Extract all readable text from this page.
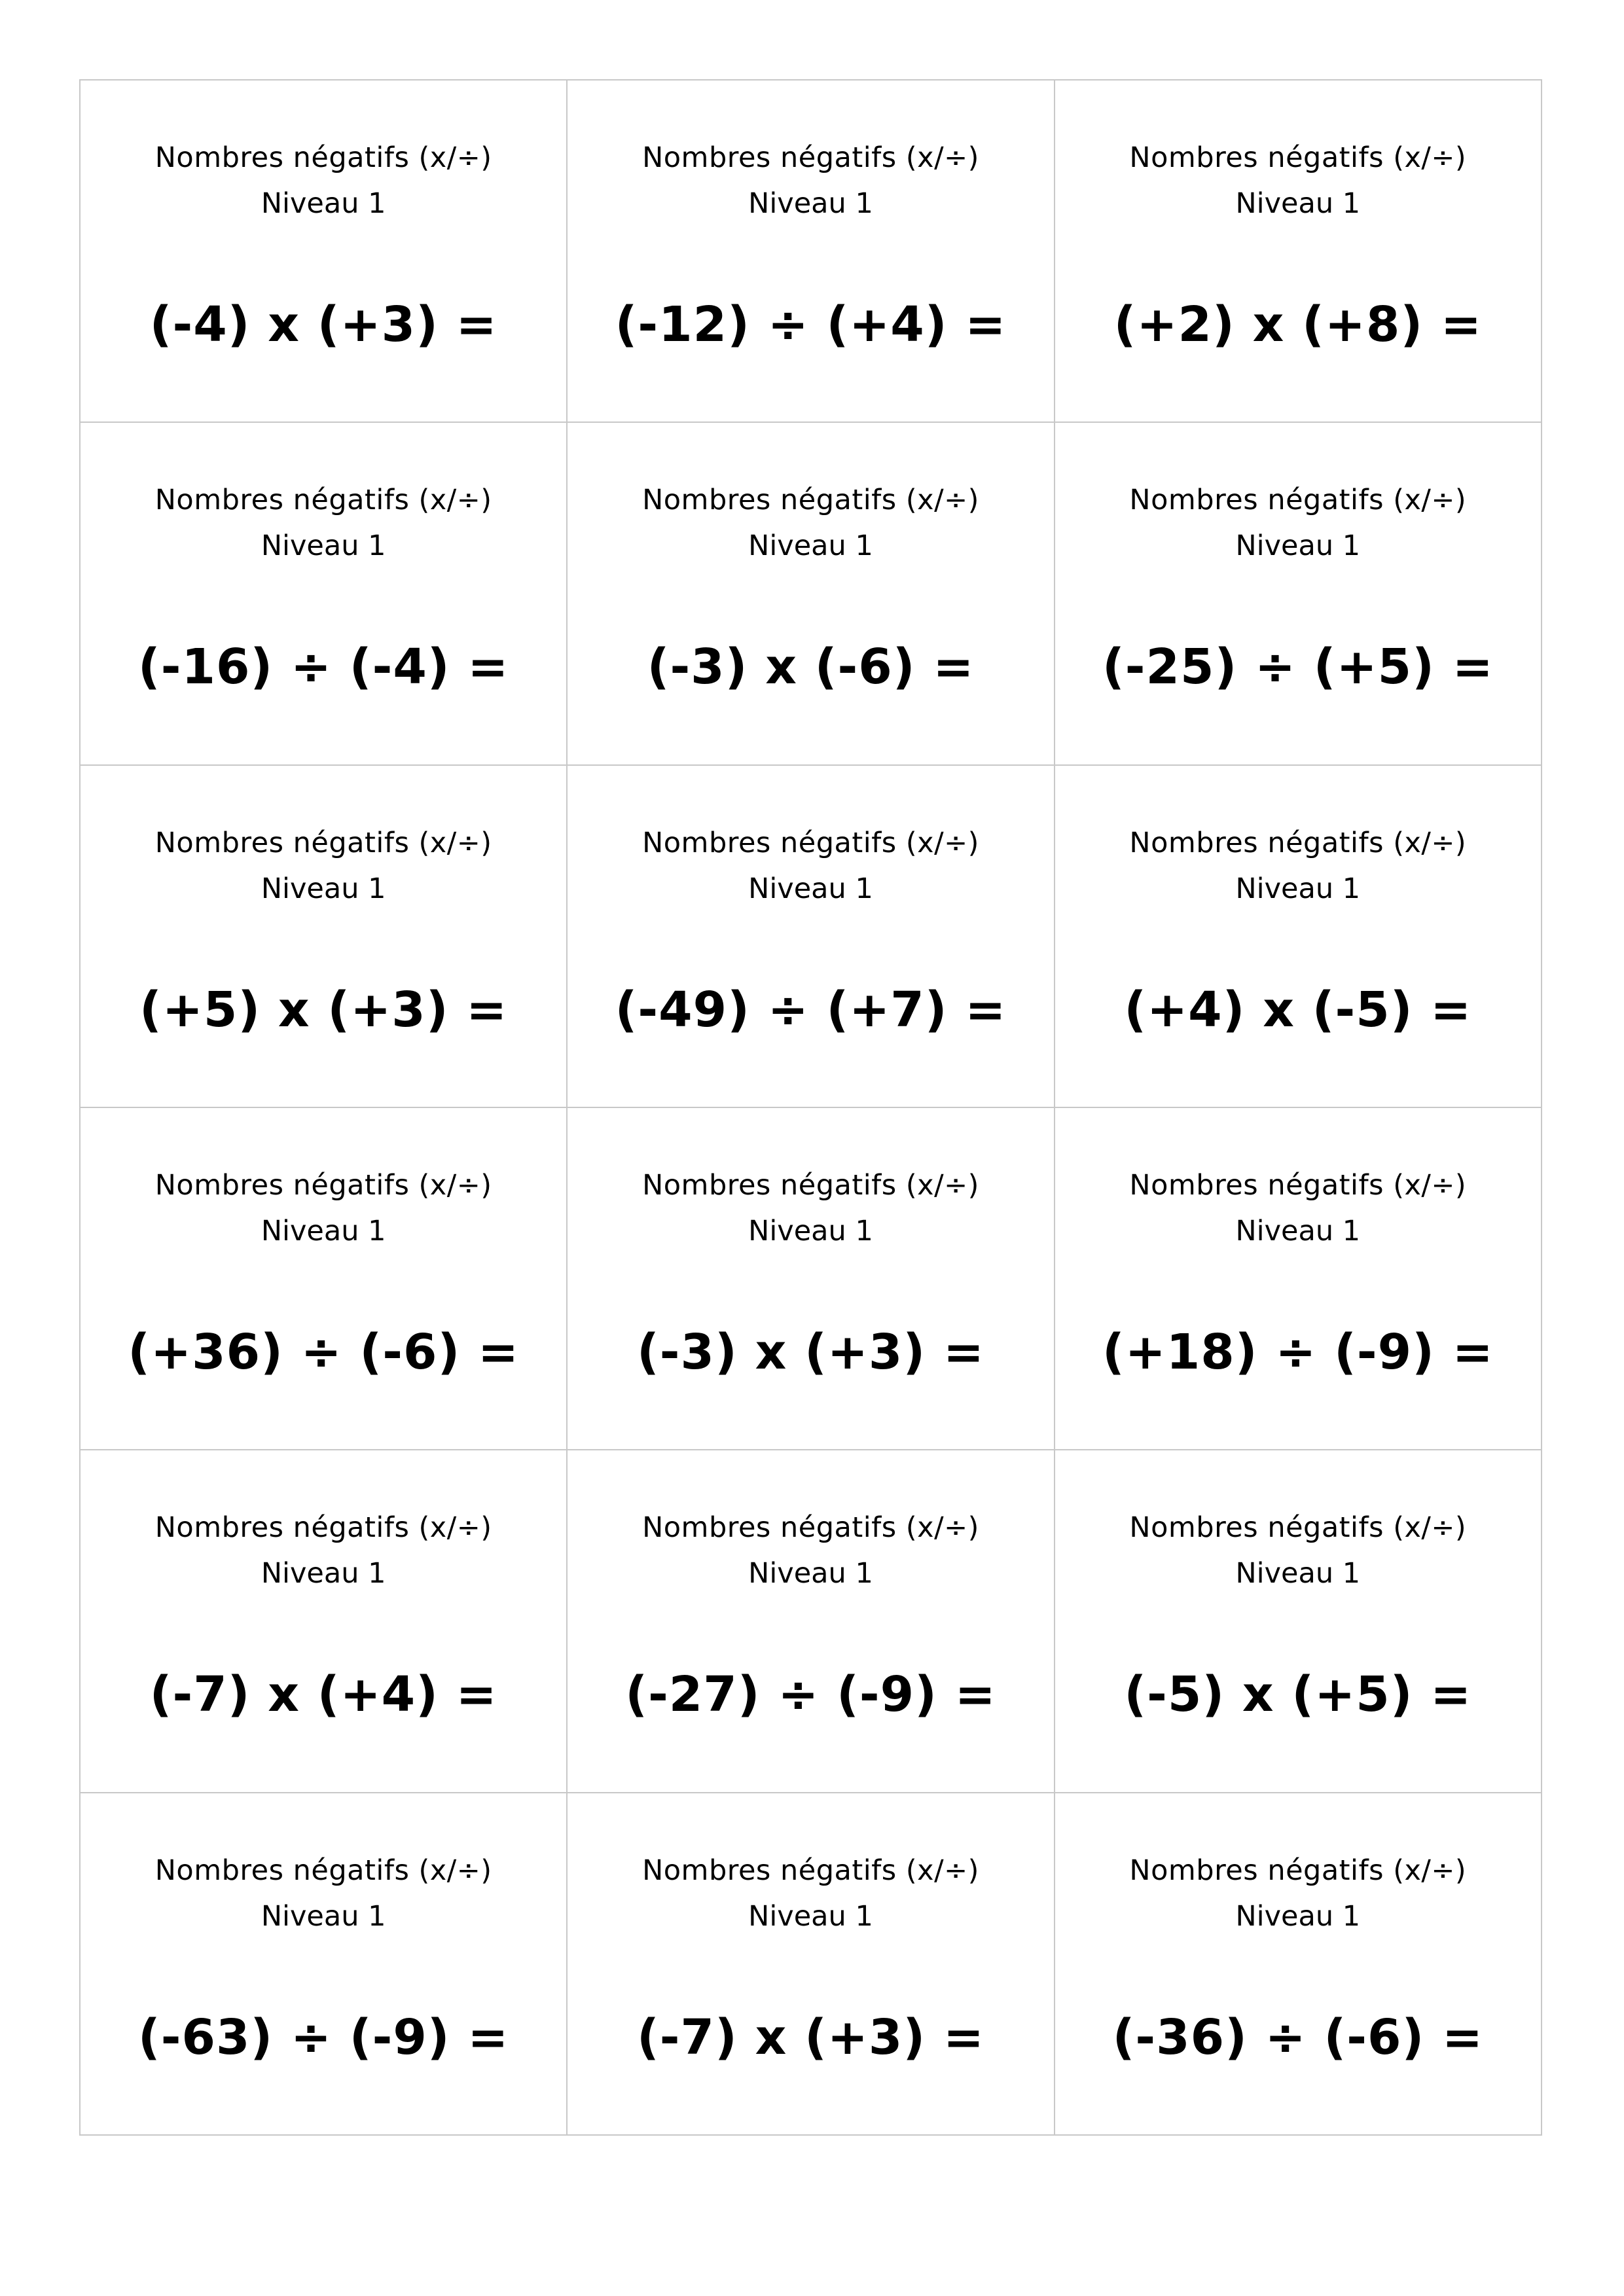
Nombres négatifs (x/÷)
Niveau 1
(-4) x (+3) =
Nombres négatifs (x/÷)
Niveau 1
(-12) ÷ (+4) =
Nombres négatifs (x/÷)
Niveau 1
(+2) x (+8) =
Nombres négatifs (x/÷)
Niveau 1
(-16) ÷ (-4) =
Nombres négatifs (x/÷)
Niveau 1
(-3) x (-6) =
Nombres négatifs (x/÷)
Niveau 1
(-25) ÷ (+5) =
Nombres négatifs (x/÷)
Niveau 1
(+5) x (+3) =
Nombres négatifs (x/÷)
Niveau 1
(-49) ÷ (+7) =
Nombres négatifs (x/÷)
Niveau 1
(+4) x (-5) =
Nombres négatifs (x/÷)
Niveau 1
(+36) ÷ (-6) =
Nombres négatifs (x/÷)
Niveau 1
(-3) x (+3) =
Nombres négatifs (x/÷)
Niveau 1
(+18) ÷ (-9) =
Nombres négatifs (x/÷)
Niveau 1
(-7) x (+4) =
Nombres négatifs (x/÷)
Niveau 1
(-27) ÷ (-9) =
Nombres négatifs (x/÷)
Niveau 1
(-5) x (+5) =
Nombres négatifs (x/÷)
Niveau 1
(-63) ÷ (-9) =
Nombres négatifs (x/÷)
Niveau 1
(-7) x (+3) =
Nombres négatifs (x/÷)
Niveau 1
(-36) ÷ (-6) =
